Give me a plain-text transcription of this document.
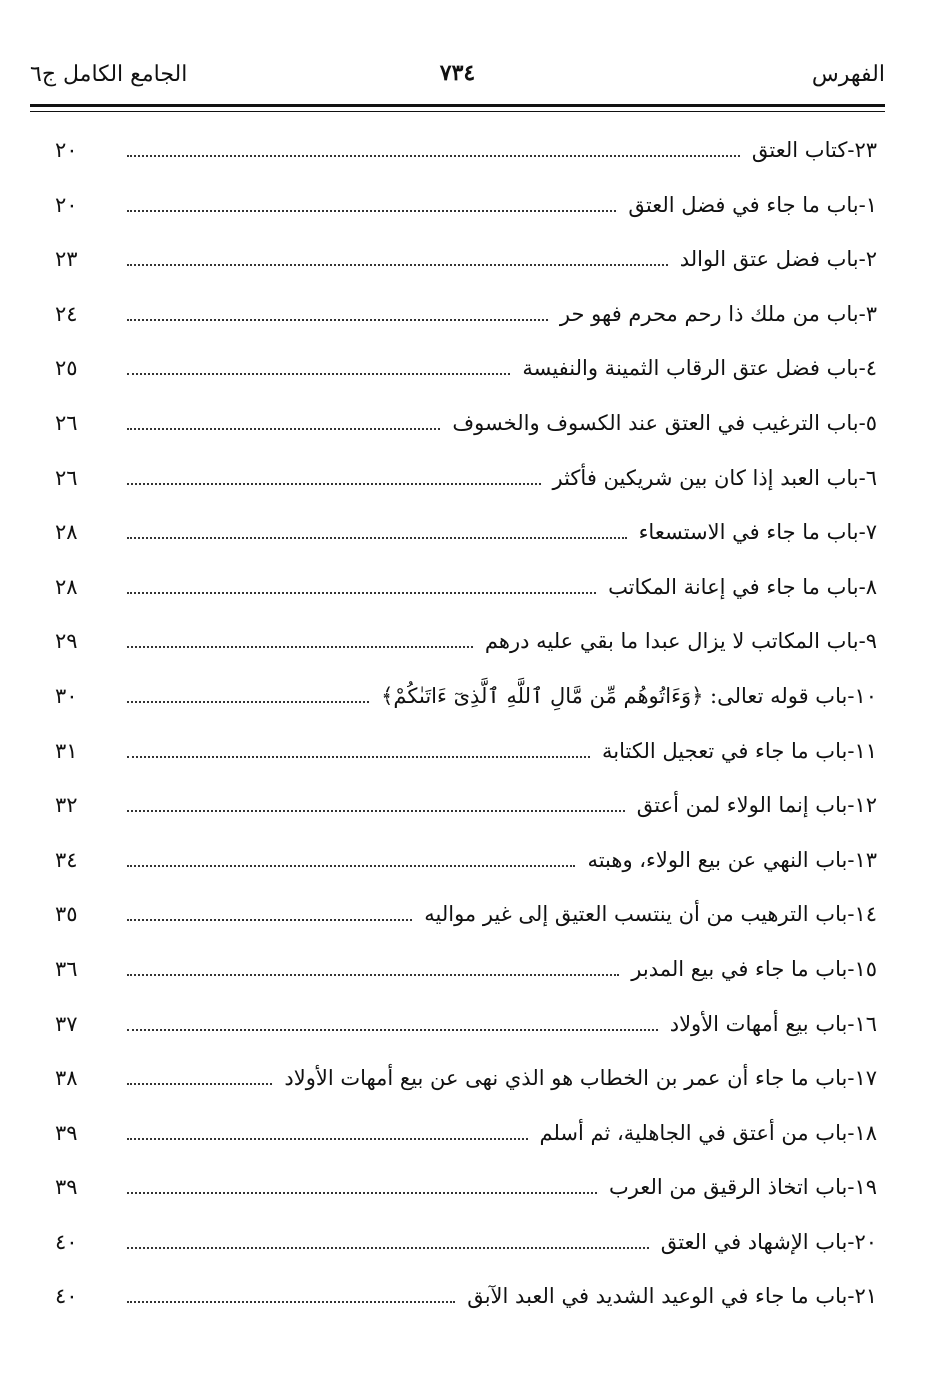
الفهرس
٧٣٤
الجامع الكامل ج٦
٢٣-
كتاب العتق
٢٠
١-
باب ما جاء في فضل العتق
٢٠
٢-
باب فضل عتق الوالد
٢٣
٣-
باب من ملك ذا رحم محرم فهو حر
٢٤
٤-
باب فضل عتق الرقاب الثمينة والنفيسة
٢٥
٥-
باب الترغيب في العتق عند الكسوف والخسوف
٢٦
٦-
باب العبد إذا كان بين شريكين فأكثر
٢٦
٧-
باب ما جاء في الاستسعاء
٢٨
٨-
باب ما جاء في إعانة المكاتب
٢٨
٩-
باب المكاتب لا يزال عبدا ما بقي عليه درهم
٢٩
١٠-
باب قوله تعالى: ﴿وَءَاتُوهُم مِّن مَّالِ ٱللَّهِ ٱلَّذِىٓ ءَاتَىٰكُمْ﴾
٣٠
١١-
باب ما جاء في تعجيل الكتابة
٣١
١٢-
باب إنما الولاء لمن أعتق
٣٢
١٣-
باب النهي عن بيع الولاء، وهبته
٣٤
١٤-
باب الترهيب من أن ينتسب العتيق إلى غير مواليه
٣٥
١٥-
باب ما جاء في بيع المدبر
٣٦
١٦-
باب بيع أمهات الأولاد
٣٧
١٧-
باب ما جاء أن عمر بن الخطاب هو الذي نهى عن بيع أمهات الأولاد
٣٨
١٨-
باب من أعتق في الجاهلية، ثم أسلم
٣٩
١٩-
باب اتخاذ الرقيق من العرب
٣٩
٢٠-
باب الإشهاد في العتق
٤٠
٢١-
باب ما جاء في الوعيد الشديد في العبد الآبق
٤٠
